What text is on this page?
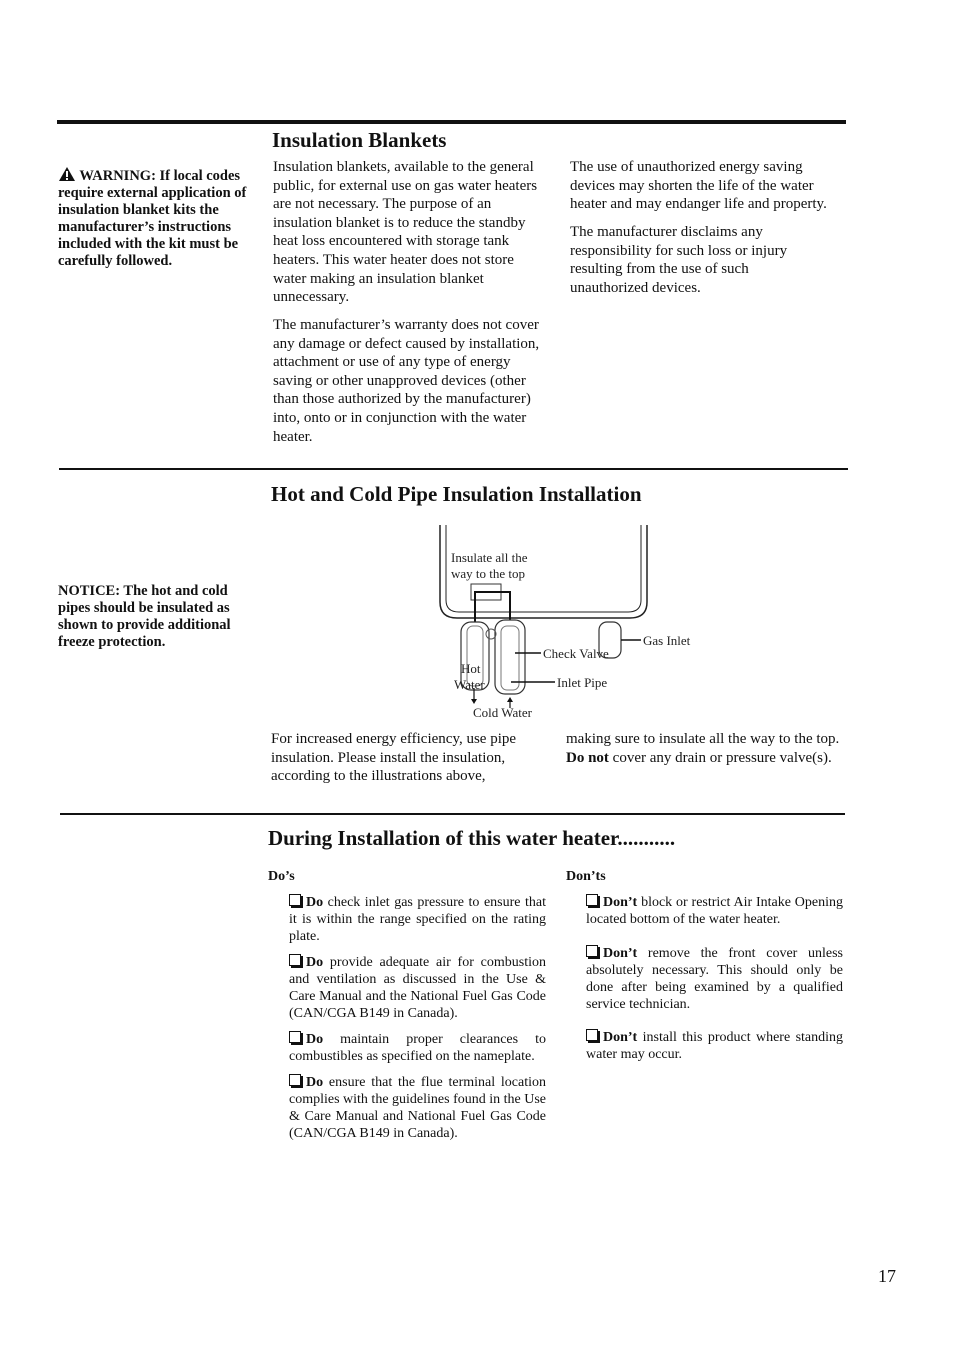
Insulation Blankets
WARNING: If local codes require external application of insulation blanket kits the manufacturer’s instructions included with the kit must be carefully followed.

Insulation blankets, available to the general public, for external use on gas water heaters are not necessary. The purpose of an insulation blanket is to reduce the standby heat loss encountered with storage tank heaters. This water heater does not store water making an insulation blanket unnecessary.

The manufacturer’s warranty does not cover any damage or defect caused by installation, attachment or use of any type of energy saving or other unapproved devices (other than those authorized by the manufacturer) into, onto or in conjunction with the water heater.

The use of unauthorized energy saving devices may shorten the life of the water heater and may endanger life and property.

The manufacturer disclaims any responsibility for such loss or injury resulting from the use of such unauthorized devices.

Hot and Cold Pipe Insulation Installation
NOTICE: The hot and cold pipes should be insulated as shown to provide additional freeze protection.
Insulate all the
way to the top
Gas Inlet
Check Valve
Hot
Water	Inlet Pipe
Cold Water

For increased energy efficiency, use pipe insulation. Please install the insulation, according to the illustrations above,

making sure to insulate all the way to the top. Do not cover any drain or pressure valve(s).

During Installation of this water heater...........
Do’s	Don’ts
Do check inlet gas pressure to ensure that it is within the range specified on the rating plate.
Do provide adequate air for combustion and ventilation as discussed in the Use & Care Manual and the National Fuel Gas Code (CAN/CGA B149 in Canada).
Do maintain proper clearances to combustibles as specified on the nameplate.
Do ensure that the flue terminal location complies with the guidelines found in the Use & Care Manual and National Fuel Gas Code (CAN/CGA B149 in Canada).
Don’t block or restrict Air Intake Opening located bottom of the water heater.
Don’t remove the front cover unless absolutely necessary. This should only be done after being examined by a qualified service technician.
Don’t install this product where standing water may occur.
17
